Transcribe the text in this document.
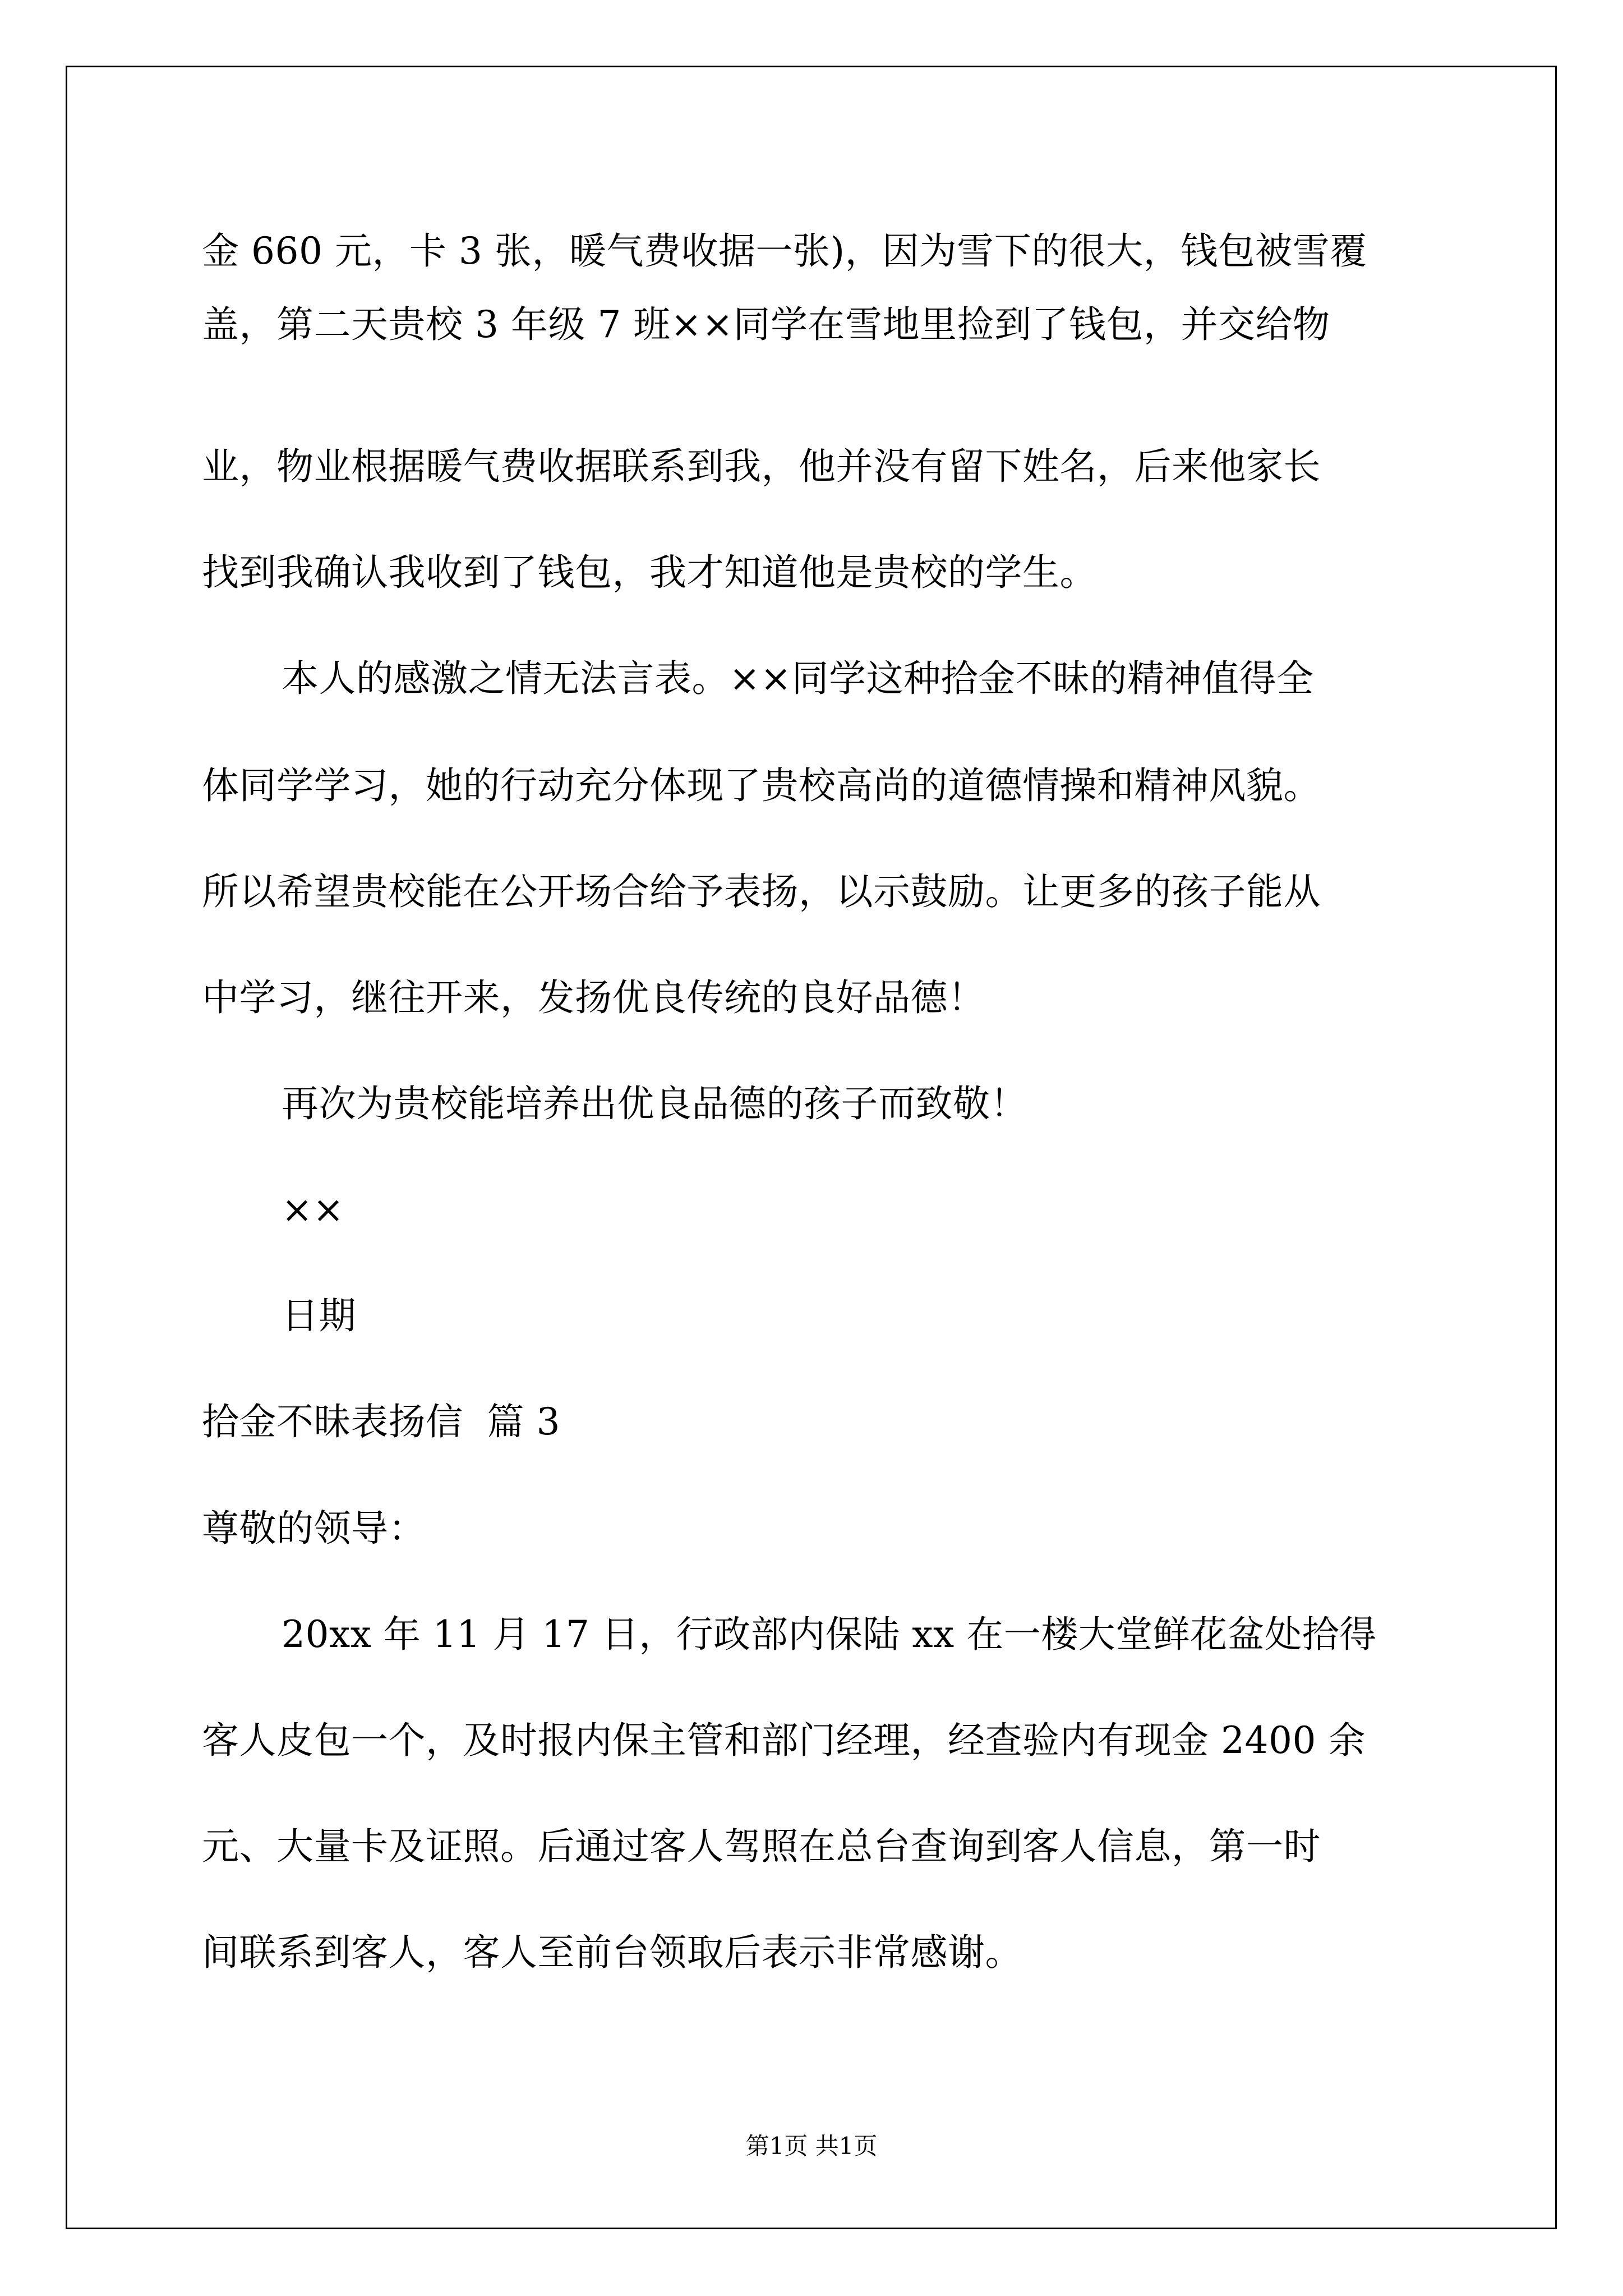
金 660 元，卡 3 张，暖气费收据一张)，因为雪下的很大，钱包被雪覆
盖，第二天贵校 3 年级 7 班××同学在雪地里捡到了钱包，并交给物
业，物业根据暖气费收据联系到我，他并没有留下姓名，后来他家长
找到我确认我收到了钱包，我才知道他是贵校的学生。
本人的感激之情无法言表。××同学这种拾金不昧的精神值得全
体同学学习，她的行动充分体现了贵校高尚的道德情操和精神风貌。
所以希望贵校能在公开场合给予表扬，以示鼓励。让更多的孩子能从
中学习，继往开来，发扬优良传统的良好品德！
再次为贵校能培养出优良品德的孩子而致敬！
××
日期
拾金不昧表扬信  篇 3
尊敬的领导：
20xx 年 11 月 17 日，行政部内保陆 xx 在一楼大堂鲜花盆处拾得
客人皮包一个，及时报内保主管和部门经理，经查验内有现金 2400 余
元、大量卡及证照。后通过客人驾照在总台查询到客人信息，第一时
间联系到客人，客人至前台领取后表示非常感谢。
第1页 共1页
